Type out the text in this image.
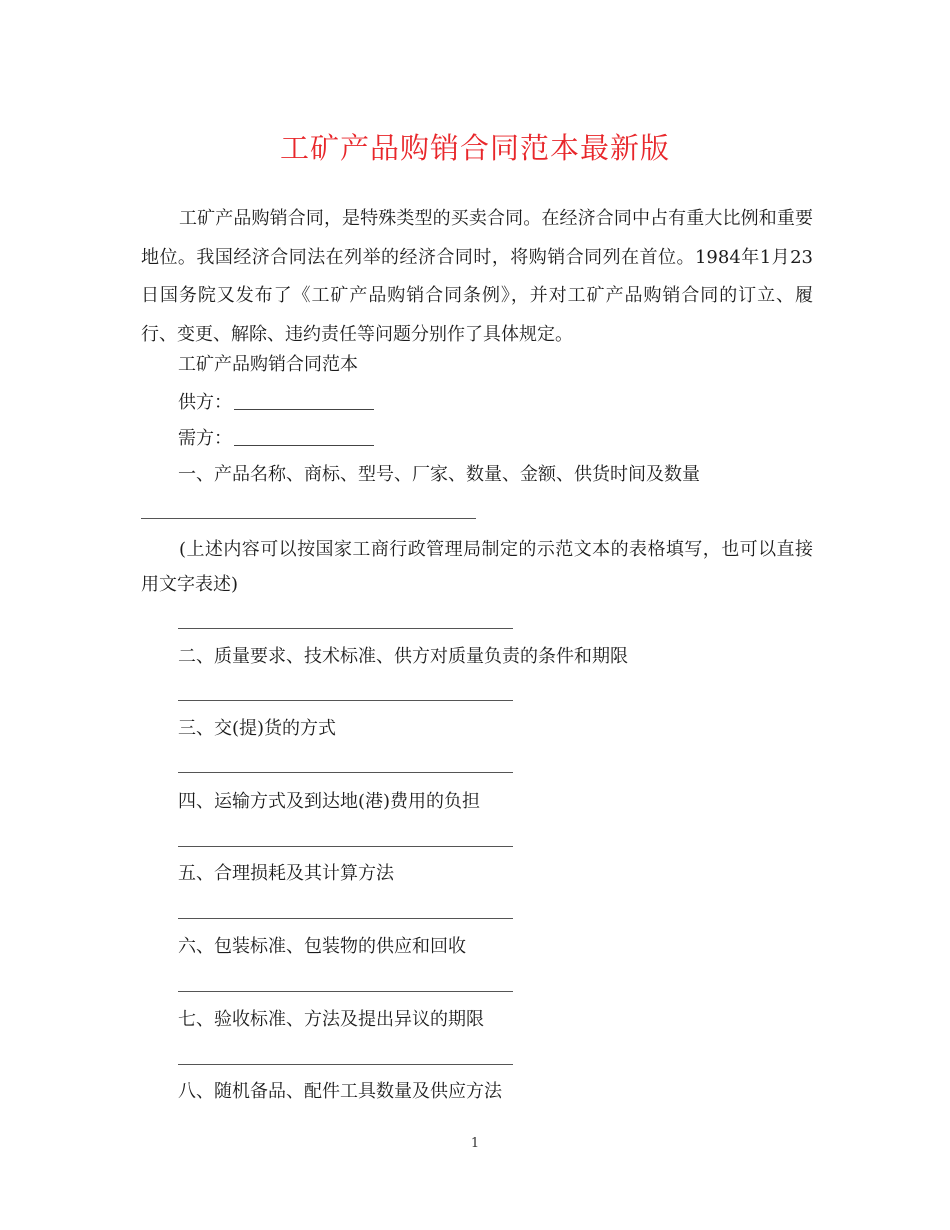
工矿产品购销合同范本最新版
工矿产品购销合同，是特殊类型的买卖合同。在经济合同中占有重大比例和重要地位。我国经济合同法在列举的经济合同时，将购销合同列在首位。1984年1月23日国务院又发布了《工矿产品购销合同条例》，并对工矿产品购销合同的订立、履行、变更、解除、违约责任等问题分别作了具体规定。
工矿产品购销合同范本
供方：
需方：
一、产品名称、商标、型号、厂家、数量、金额、供货时间及数量
(上述内容可以按国家工商行政管理局制定的示范文本的表格填写，也可以直接用文字表述)
二、质量要求、技术标准、供方对质量负责的条件和期限
三、交(提)货的方式
四、运输方式及到达地(港)费用的负担
五、合理损耗及其计算方法
六、包装标准、包装物的供应和回收
七、验收标准、方法及提出异议的期限
八、随机备品、配件工具数量及供应方法
1
